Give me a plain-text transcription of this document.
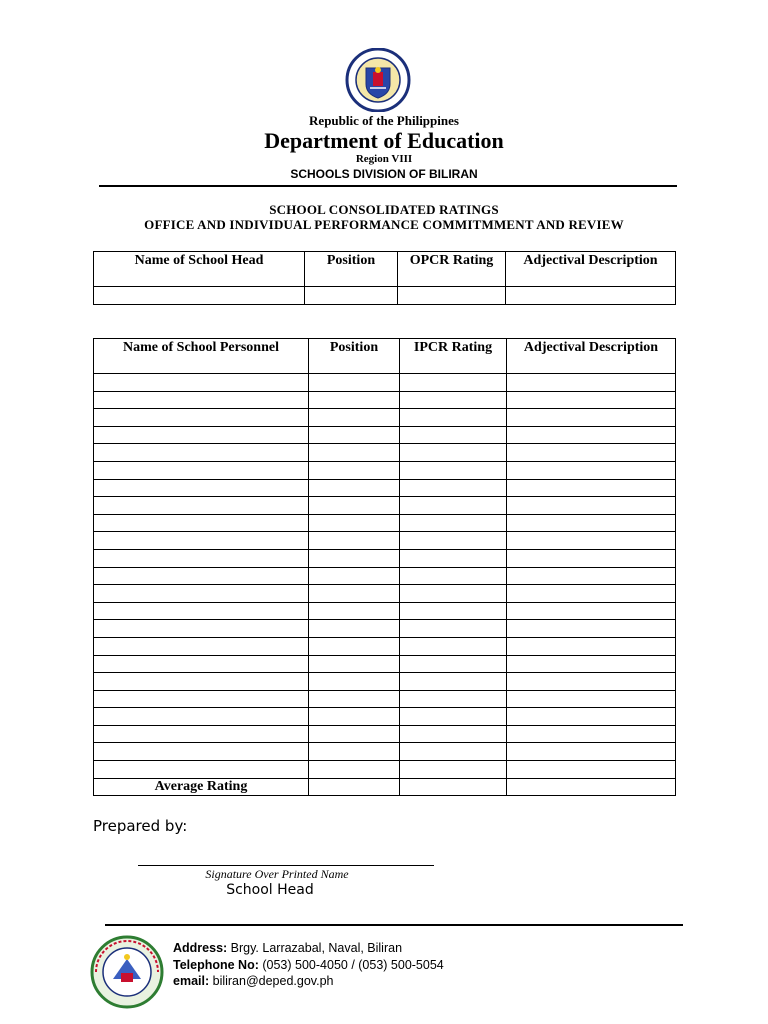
Republic of the Philippines
Department of Education
Region VIII
SCHOOLS DIVISION OF BILIRAN
SCHOOL CONSOLIDATED RATINGS
OFFICE AND INDIVIDUAL PERFORMANCE COMMITMMENT AND REVIEW
Name of School Head	Position	OPCR Rating	Adjectival Description

Name of School Personnel	Position	IPCR Rating	Adjectival Description

Average Rating			
Prepared by:
Signature Over Printed Name
School Head
Address: Brgy. Larrazabal, Naval, Biliran
Telephone No: (053) 500-4050 / (053) 500-5054
email: biliran@deped.gov.ph
